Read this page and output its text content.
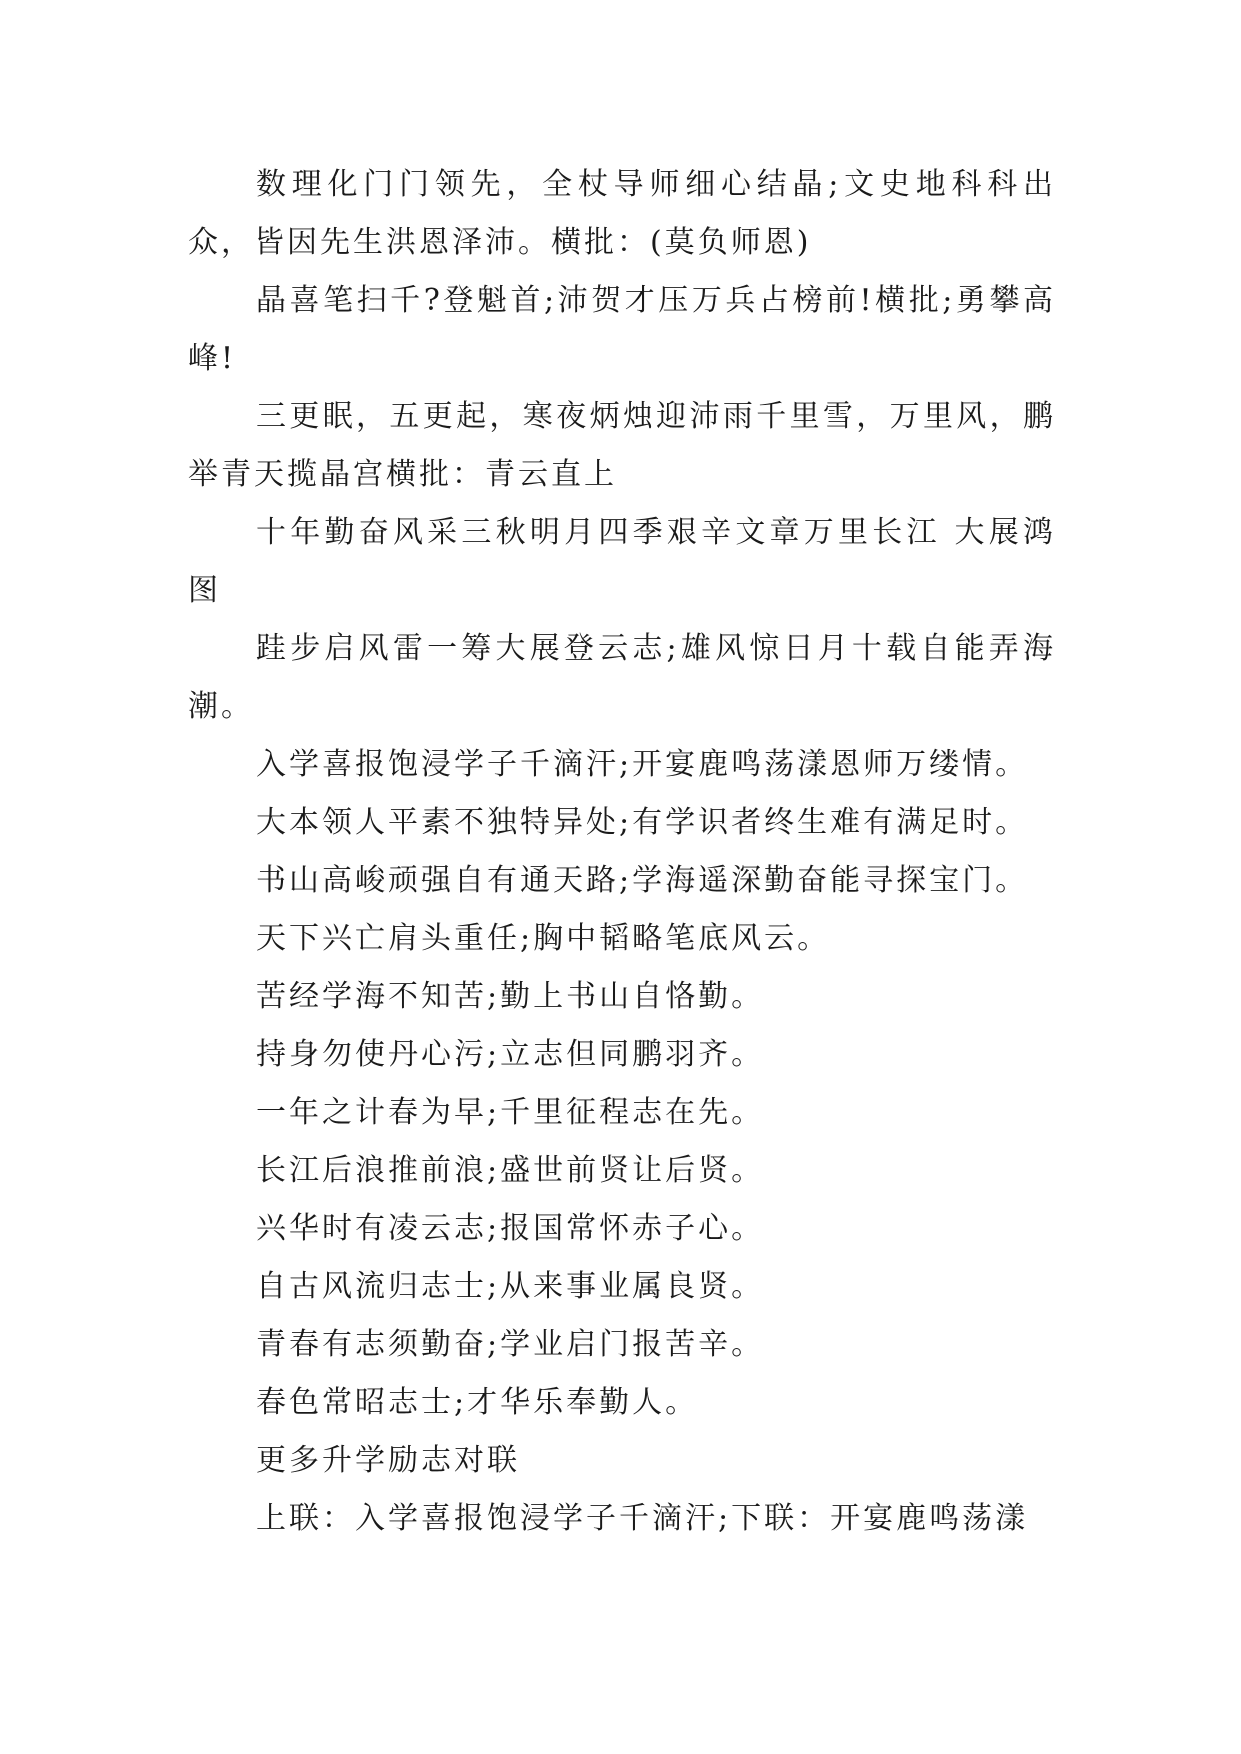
数理化门门领先，全杖导师细心结晶;文史地科科出众，皆因先生洪恩泽沛。横批：(莫负师恩)

晶喜笔扫千?登魁首;沛贺才压万兵占榜前!横批;勇攀高峰!

三更眠，五更起，寒夜炳烛迎沛雨千里雪，万里风，鹏举青天揽晶宫横批：青云直上

十年勤奋风采三秋明月四季艰辛文章万里长江 大展鸿图

跬步启风雷一筹大展登云志;雄风惊日月十载自能弄海潮。

入学喜报饱浸学子千滴汗;开宴鹿鸣荡漾恩师万缕情。

大本领人平素不独特异处;有学识者终生难有满足时。

书山高峻顽强自有通天路;学海遥深勤奋能寻探宝门。

天下兴亡肩头重任;胸中韬略笔底风云。

苦经学海不知苦;勤上书山自恪勤。

持身勿使丹心污;立志但同鹏羽齐。

一年之计春为早;千里征程志在先。

长江后浪推前浪;盛世前贤让后贤。

兴华时有凌云志;报国常怀赤子心。

自古风流归志士;从来事业属良贤。

青春有志须勤奋;学业启门报苦辛。

春色常昭志士;才华乐奉勤人。

更多升学励志对联

上联：入学喜报饱浸学子千滴汗;下联：开宴鹿鸣荡漾
